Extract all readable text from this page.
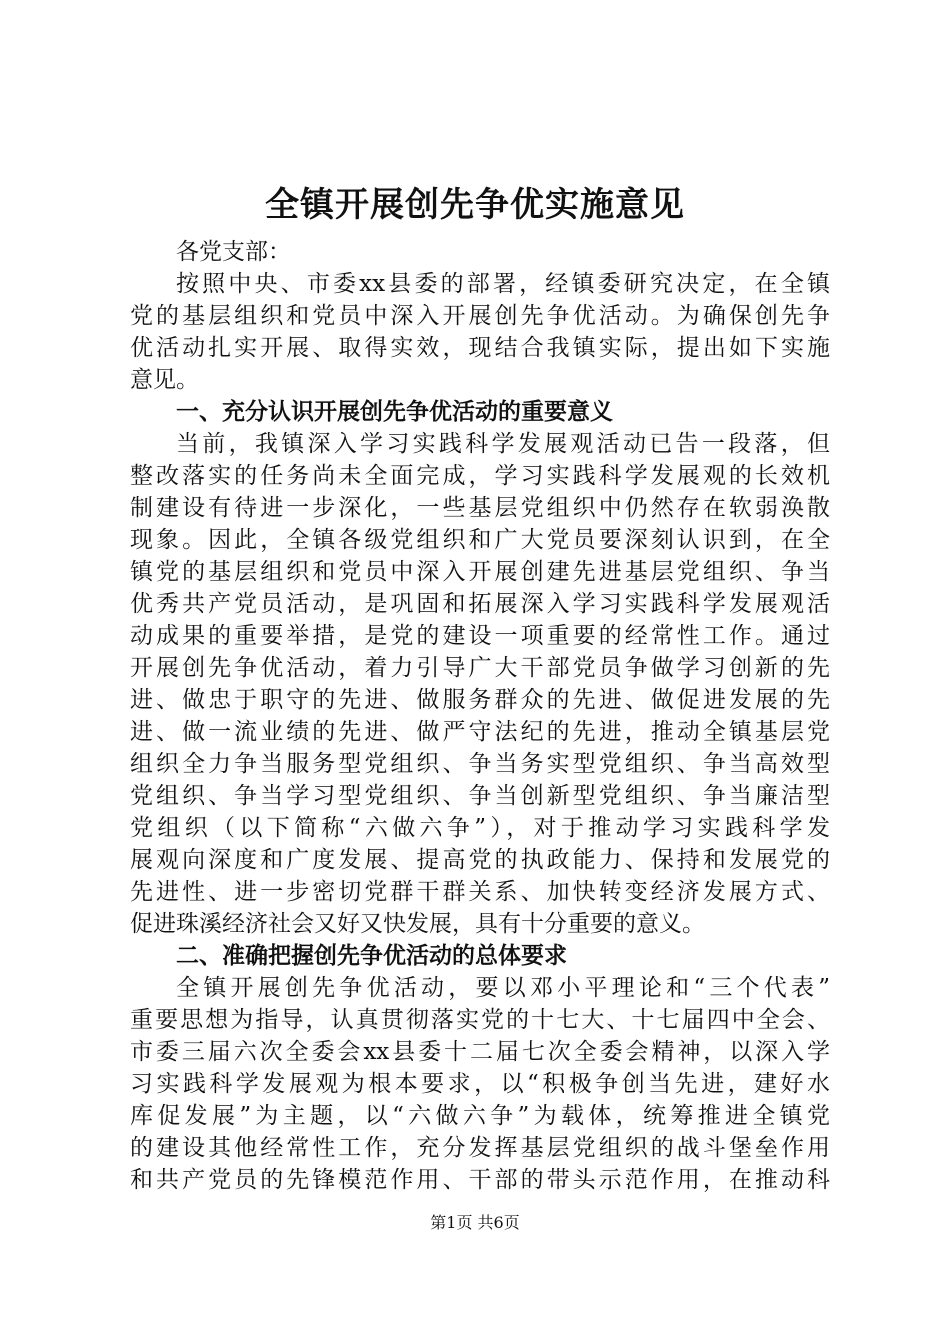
全镇开展创先争优实施意见
各党支部：
按照中央、市委xx县委的部署，经镇委研究决定，在全镇
党的基层组织和党员中深入开展创先争优活动。为确保创先争
优活动扎实开展、取得实效，现结合我镇实际，提出如下实施
意见。
一、充分认识开展创先争优活动的重要意义
当前，我镇深入学习实践科学发展观活动已告一段落，但
整改落实的任务尚未全面完成，学习实践科学发展观的长效机
制建设有待进一步深化，一些基层党组织中仍然存在软弱涣散
现象。因此，全镇各级党组织和广大党员要深刻认识到，在全
镇党的基层组织和党员中深入开展创建先进基层党组织、争当
优秀共产党员活动，是巩固和拓展深入学习实践科学发展观活
动成果的重要举措，是党的建设一项重要的经常性工作。通过
开展创先争优活动，着力引导广大干部党员争做学习创新的先
进、做忠于职守的先进、做服务群众的先进、做促进发展的先
进、做一流业绩的先进、做严守法纪的先进，推动全镇基层党
组织全力争当服务型党组织、争当务实型党组织、争当高效型
党组织、争当学习型党组织、争当创新型党组织、争当廉洁型
党组织（以下简称“六做六争”），对于推动学习实践科学发
展观向深度和广度发展、提高党的执政能力、保持和发展党的
先进性、进一步密切党群干群关系、加快转变经济发展方式、
促进珠溪经济社会又好又快发展，具有十分重要的意义。
二、准确把握创先争优活动的总体要求
全镇开展创先争优活动，要以邓小平理论和“三个代表”
重要思想为指导，认真贯彻落实党的十七大、十七届四中全会、
市委三届六次全委会xx县委十二届七次全委会精神，以深入学
习实践科学发展观为根本要求，以“积极争创当先进，建好水
库促发展”为主题，以“六做六争”为载体，统筹推进全镇党
的建设其他经常性工作，充分发挥基层党组织的战斗堡垒作用
和共产党员的先锋模范作用、干部的带头示范作用，在推动科
第1页 共6页
